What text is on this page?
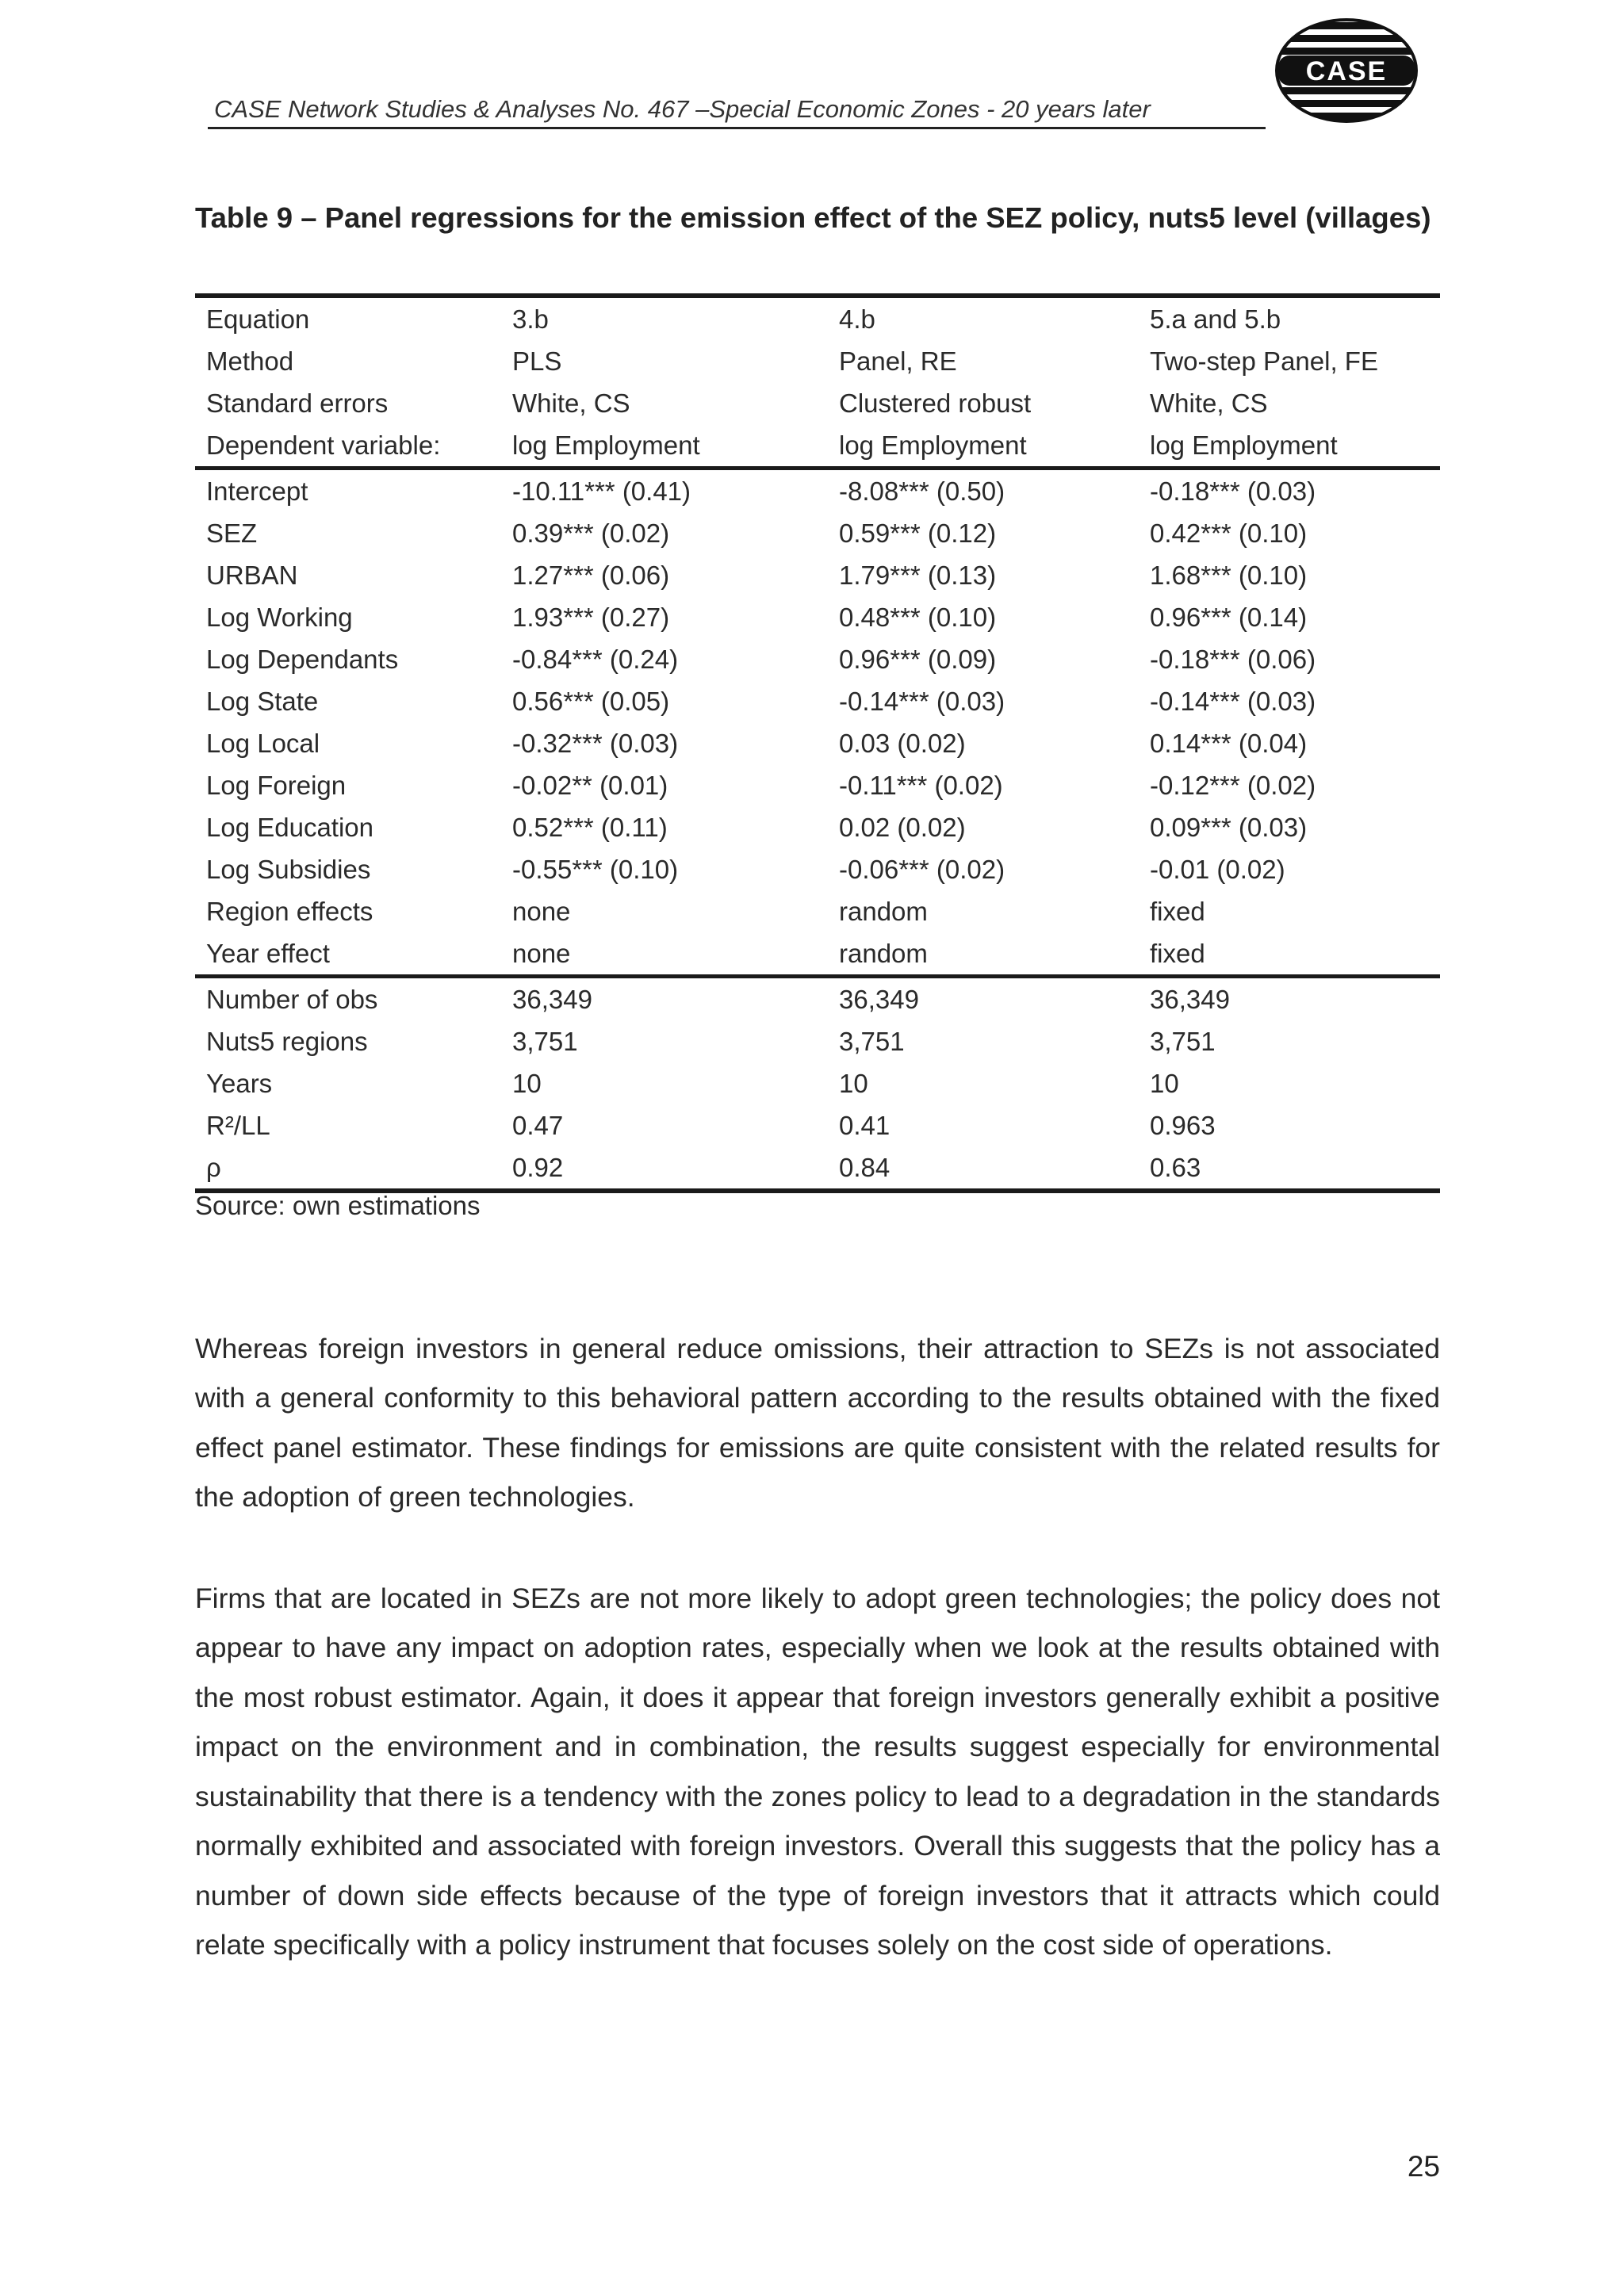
CASE Network Studies & Analyses No. 467 –Special Economic Zones - 20 years later
CASE
Table 9 – Panel regressions for the emission effect of the SEZ policy, nuts5 level (villages)
Equation	3.b	4.b	5.a and 5.b
Method	PLS	Panel, RE	Two-step Panel, FE
Standard errors	White, CS	Clustered robust	White, CS
Dependent variable:	log Employment	log Employment	log Employment
Intercept	-10.11*** (0.41)	-8.08*** (0.50)	-0.18*** (0.03)
SEZ	0.39*** (0.02)	0.59*** (0.12)	0.42*** (0.10)
URBAN	1.27*** (0.06)	1.79*** (0.13)	1.68*** (0.10)
Log Working	1.93*** (0.27)	0.48*** (0.10)	0.96*** (0.14)
Log Dependants	-0.84*** (0.24)	0.96*** (0.09)	-0.18*** (0.06)
Log State	0.56*** (0.05)	-0.14*** (0.03)	-0.14*** (0.03)
Log Local	-0.32*** (0.03)	0.03 (0.02)	0.14*** (0.04)
Log Foreign	-0.02** (0.01)	-0.11*** (0.02)	-0.12*** (0.02)
Log Education	0.52*** (0.11)	0.02 (0.02)	0.09*** (0.03)
Log Subsidies	-0.55*** (0.10)	-0.06*** (0.02)	-0.01 (0.02)
Region effects	none	random	fixed
Year effect	none	random	fixed
Number of obs	36,349	36,349	36,349
Nuts5 regions	3,751	3,751	3,751
Years	10	10	10
R²/LL	0.47	0.41	0.963
ρ	0.92	0.84	0.63
Source: own estimations

Whereas foreign investors in general reduce omissions, their attraction to SEZs is not associated with a general conformity to this behavioral pattern according to the results obtained with the fixed effect panel estimator. These findings for emissions are quite consistent with the related results for the adoption of green technologies.

Firms that are located in SEZs are not more likely to adopt green technologies; the policy does not appear to have any impact on adoption rates, especially when we look at the results obtained with the most robust estimator. Again, it does it appear that foreign investors generally exhibit a positive impact on the environment and in combination, the results suggest especially for environmental sustainability that there is a tendency with the zones policy to lead to a degradation in the standards normally exhibited and associated with foreign investors. Overall this suggests that the policy has a number of down side effects because of the type of foreign investors that it attracts which could relate specifically with a policy instrument that focuses solely on the cost side of operations.

25
